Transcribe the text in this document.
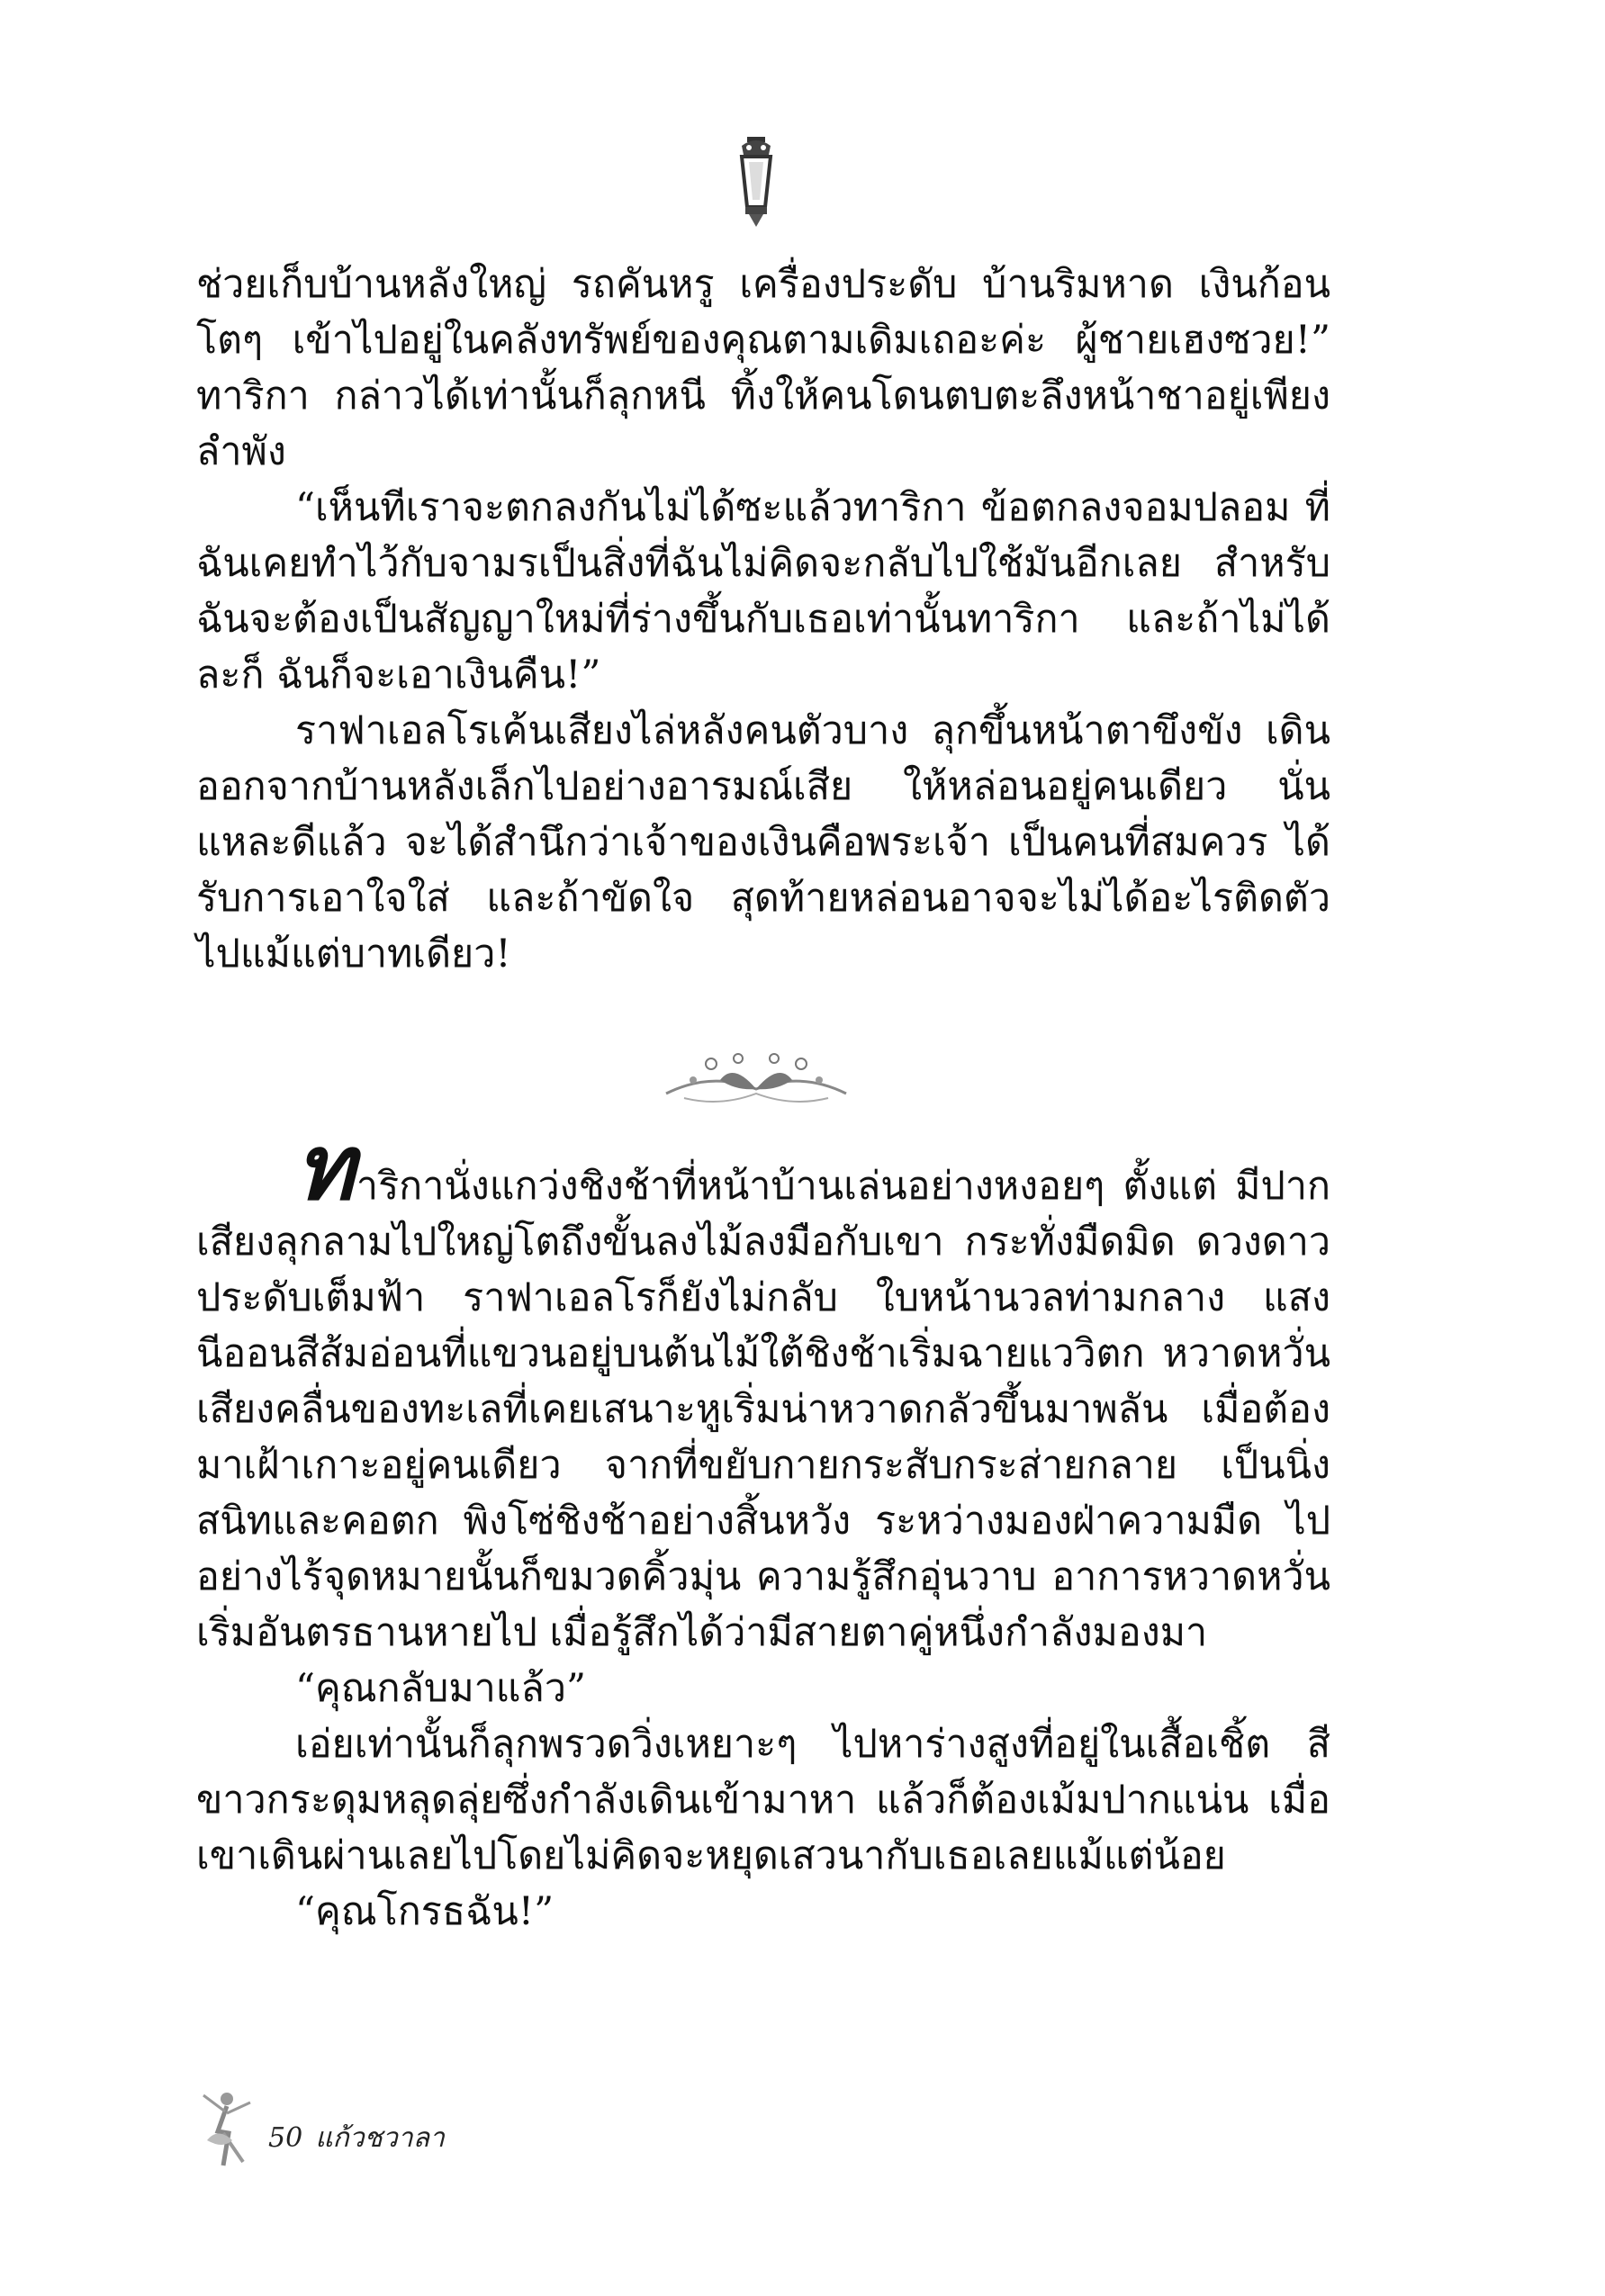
ช่วยเก็บบ้านหลังใหญ่ รถคันหรู เครื่องประดับ บ้านริมหาด เงินก้อนโตๆ เข้าไปอยู่ในคลังทรัพย์ของคุณตามเดิมเถอะค่ะ ผู้ชายเฮงซวย!” ทาริกา กล่าวได้เท่านั้นก็ลุกหนี ทิ้งให้คนโดนตบตะลึงหน้าชาอยู่เพียงลำพัง

“เห็นทีเราจะตกลงกันไม่ได้ซะแล้วทาริกา ข้อตกลงจอมปลอม ที่ฉันเคยทำไว้กับจามรเป็นสิ่งที่ฉันไม่คิดจะกลับไปใช้มันอีกเลย สำหรับ ฉันจะต้องเป็นสัญญาใหม่ที่ร่างขึ้นกับเธอเท่านั้นทาริกา และถ้าไม่ได้ ละก็ ฉันก็จะเอาเงินคืน!”

ราฟาเอลโรเค้นเสียงไล่หลังคนตัวบาง ลุกขึ้นหน้าตาขึงขัง เดินออกจากบ้านหลังเล็กไปอย่างอารมณ์เสีย ให้หล่อนอยู่คนเดียว นั่นแหละดีแล้ว จะได้สำนึกว่าเจ้าของเงินคือพระเจ้า เป็นคนที่สมควร ได้รับการเอาใจใส่ และถ้าขัดใจ สุดท้ายหล่อนอาจจะไม่ได้อะไรติดตัว ไปแม้แต่บาทเดียว!

ทาริกานั่งแกว่งชิงช้าที่หน้าบ้านเล่นอย่างหงอยๆ ตั้งแต่ มีปากเสียงลุกลามไปใหญ่โตถึงขั้นลงไม้ลงมือกับเขา กระทั่งมืดมิด ดวงดาวประดับเต็มฟ้า ราฟาเอลโรก็ยังไม่กลับ ใบหน้านวลท่ามกลาง แสงนีออนสีส้มอ่อนที่แขวนอยู่บนต้นไม้ใต้ชิงช้าเริ่มฉายแววิตก หวาดหวั่น เสียงคลื่นของทะเลที่เคยเสนาะหูเริ่มน่าหวาดกลัวขึ้นมาพลัน เมื่อต้องมาเฝ้าเกาะอยู่คนเดียว จากที่ขยับกายกระสับกระส่ายกลาย เป็นนิ่งสนิทและคอตก พิงโซ่ชิงช้าอย่างสิ้นหวัง ระหว่างมองฝ่าความมืด ไปอย่างไร้จุดหมายนั้นก็ขมวดคิ้วมุ่น ความรู้สึกอุ่นวาบ อาการหวาดหวั่น เริ่มอันตรธานหายไป เมื่อรู้สึกได้ว่ามีสายตาคู่หนึ่งกำลังมองมา

“คุณกลับมาแล้ว”

เอ่ยเท่านั้นก็ลุกพรวดวิ่งเหยาะๆ ไปหาร่างสูงที่อยู่ในเสื้อเชิ้ต สีขาวกระดุมหลุดลุ่ยซึ่งกำลังเดินเข้ามาหา แล้วก็ต้องเม้มปากแน่น เมื่อเขาเดินผ่านเลยไปโดยไม่คิดจะหยุดเสวนากับเธอเลยแม้แต่น้อย

“คุณโกรธฉัน!”

50 แก้วชวาลา
